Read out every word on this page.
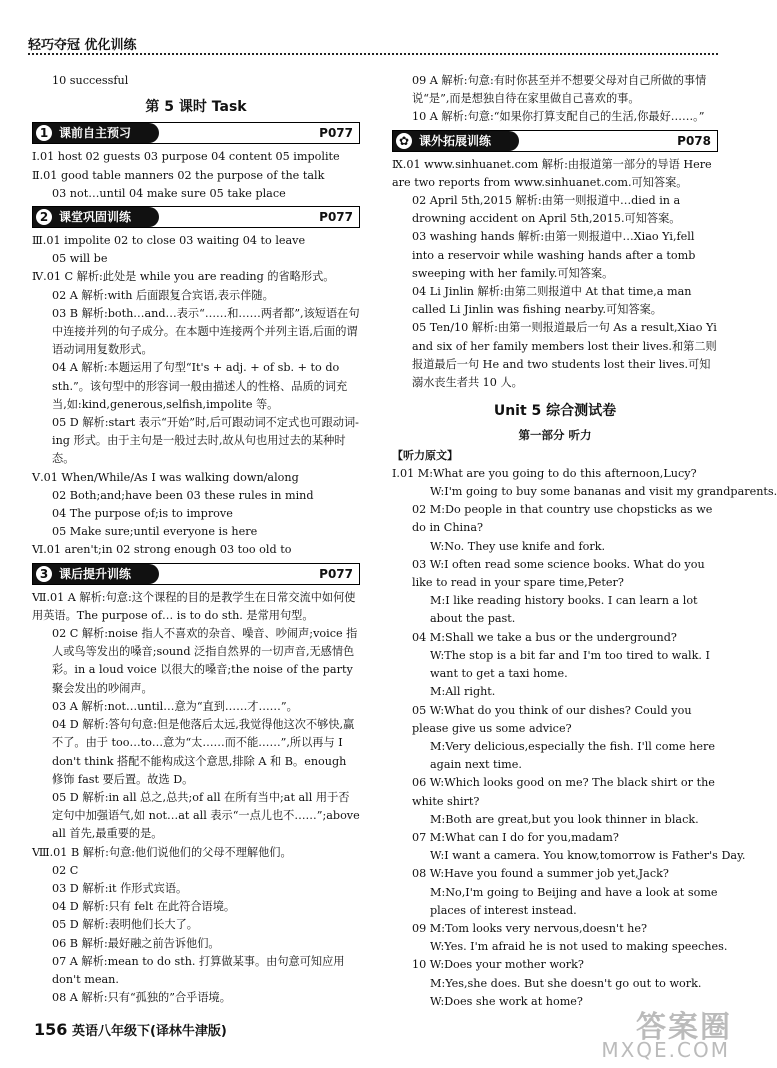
轻巧夺冠 优化训练
10 successful
第 5 课时 Task
1 课前自主预习	P077
Ⅰ.01 host 02 guests 03 purpose 04 content 05 impolite
Ⅱ.01 good table manners 02 the purpose of the talk
03 not…until 04 make sure 05 take place
2 课堂巩固训练	P077
Ⅲ.01 impolite 02 to close 03 waiting 04 to leave
05 will be
Ⅳ.01 C 解析:此处是 while you are reading 的省略形式。
02 A 解析:with 后面跟复合宾语,表示伴随。
03 B 解析:both…and…表示“……和……两者都”,该短语在句中连接并列的句子成分。在本题中连接两个并列主语,后面的谓语动词用复数形式。
04 A 解析:本题运用了句型“It's + adj. + of sb. + to do sth.”。该句型中的形容词一般由描述人的性格、品质的词充当,如:kind,generous,selfish,impolite 等。
05 D 解析:start 表示“开始”时,后可跟动词不定式也可跟动词-ing 形式。由于主句是一般过去时,故从句也用过去的某种时态。
Ⅴ.01 When/While/As I was walking down/along
02 Both;and;have been 03 these rules in mind
04 The purpose of;is to improve
05 Make sure;until everyone is here
Ⅵ.01 aren't;in 02 strong enough 03 too old to
3 课后提升训练	P077
Ⅶ.01 A 解析:句意:这个课程的目的是教学生在日常交流中如何使用英语。The purpose of… is to do sth. 是常用句型。
02 C 解析:noise 指人不喜欢的杂音、噪音、吵闹声;voice 指人或鸟等发出的嗓音;sound 泛指自然界的一切声音,无感情色彩。in a loud voice 以很大的嗓音;the noise of the party 聚会发出的吵闹声。
03 A 解析:not…until…意为“直到……才……”。
04 D 解析:答句句意:但是他落后太远,我觉得他这次不够快,赢不了。由于 too…to…意为“太……而不能……”,所以再与 I don't think 搭配不能构成这个意思,排除 A 和 B。enough 修饰 fast 要后置。故选 D。
05 D 解析:in all 总之,总共;of all 在所有当中;at all 用于否定句中加强语气,如 not…at all 表示“一点儿也不……”;above all 首先,最重要的是。
Ⅷ.01 B 解析:句意:他们说他们的父母不理解他们。
02 C
03 D 解析:it 作形式宾语。
04 D 解析:只有 felt 在此符合语境。
05 D 解析:表明他们长大了。
06 B 解析:最好融之前告诉他们。
07 A 解析:mean to do sth. 打算做某事。由句意可知应用 don't mean.
08 A 解析:只有“孤独的”合乎语境。
09 A 解析:句意:有时你甚至并不想要父母对自己所做的事情说“是”,而是想独自待在家里做自己喜欢的事。
10 A 解析:句意:“如果你打算支配自己的生活,你最好……。”
✿ 课外拓展训练	P078
Ⅸ.01 www.sinhuanet.com 解析:由报道第一部分的导语 Here are two reports from www.sinhuanet.com.可知答案。
02 April 5th,2015 解析:由第一则报道中…died in a drowning accident on April 5th,2015.可知答案。
03 washing hands 解析:由第一则报道中…Xiao Yi,fell into a reservoir while washing hands after a tomb sweeping with her family.可知答案。
04 Li Jinlin 解析:由第二则报道中 At that time,a man called Li Jinlin was fishing nearby.可知答案。
05 Ten/10 解析:由第一则报道最后一句 As a result,Xiao Yi and six of her family members lost their lives.和第二则报道最后一句 He and two students lost their lives.可知溺水丧生者共 10 人。
Unit 5 综合测试卷
第一部分 听力
【听力原文】
Ⅰ.01 M:What are you going to do this afternoon,Lucy?
W:I'm going to buy some bananas and visit my grandparents.
02 M:Do people in that country use chopsticks as we do in China?
W:No. They use knife and fork.
03 W:I often read some science books. What do you like to read in your spare time,Peter?
M:I like reading history books. I can learn a lot about the past.
04 M:Shall we take a bus or the underground?
W:The stop is a bit far and I'm too tired to walk. I want to get a taxi home.
M:All right.
05 W:What do you think of our dishes? Could you please give us some advice?
M:Very delicious,especially the fish. I'll come here again next time.
06 W:Which looks good on me? The black shirt or the white shirt?
M:Both are great,but you look thinner in black.
07 M:What can I do for you,madam?
W:I want a camera. You know,tomorrow is Father's Day.
08 W:Have you found a summer job yet,Jack?
M:No,I'm going to Beijing and have a look at some places of interest instead.
09 M:Tom looks very nervous,doesn't he?
W:Yes. I'm afraid he is not used to making speeches.
10 W:Does your mother work?
M:Yes,she does. But she doesn't go out to work.
W:Does she work at home?
156 英语八年级下(译林牛津版)	答案圈
MXQE.COM
